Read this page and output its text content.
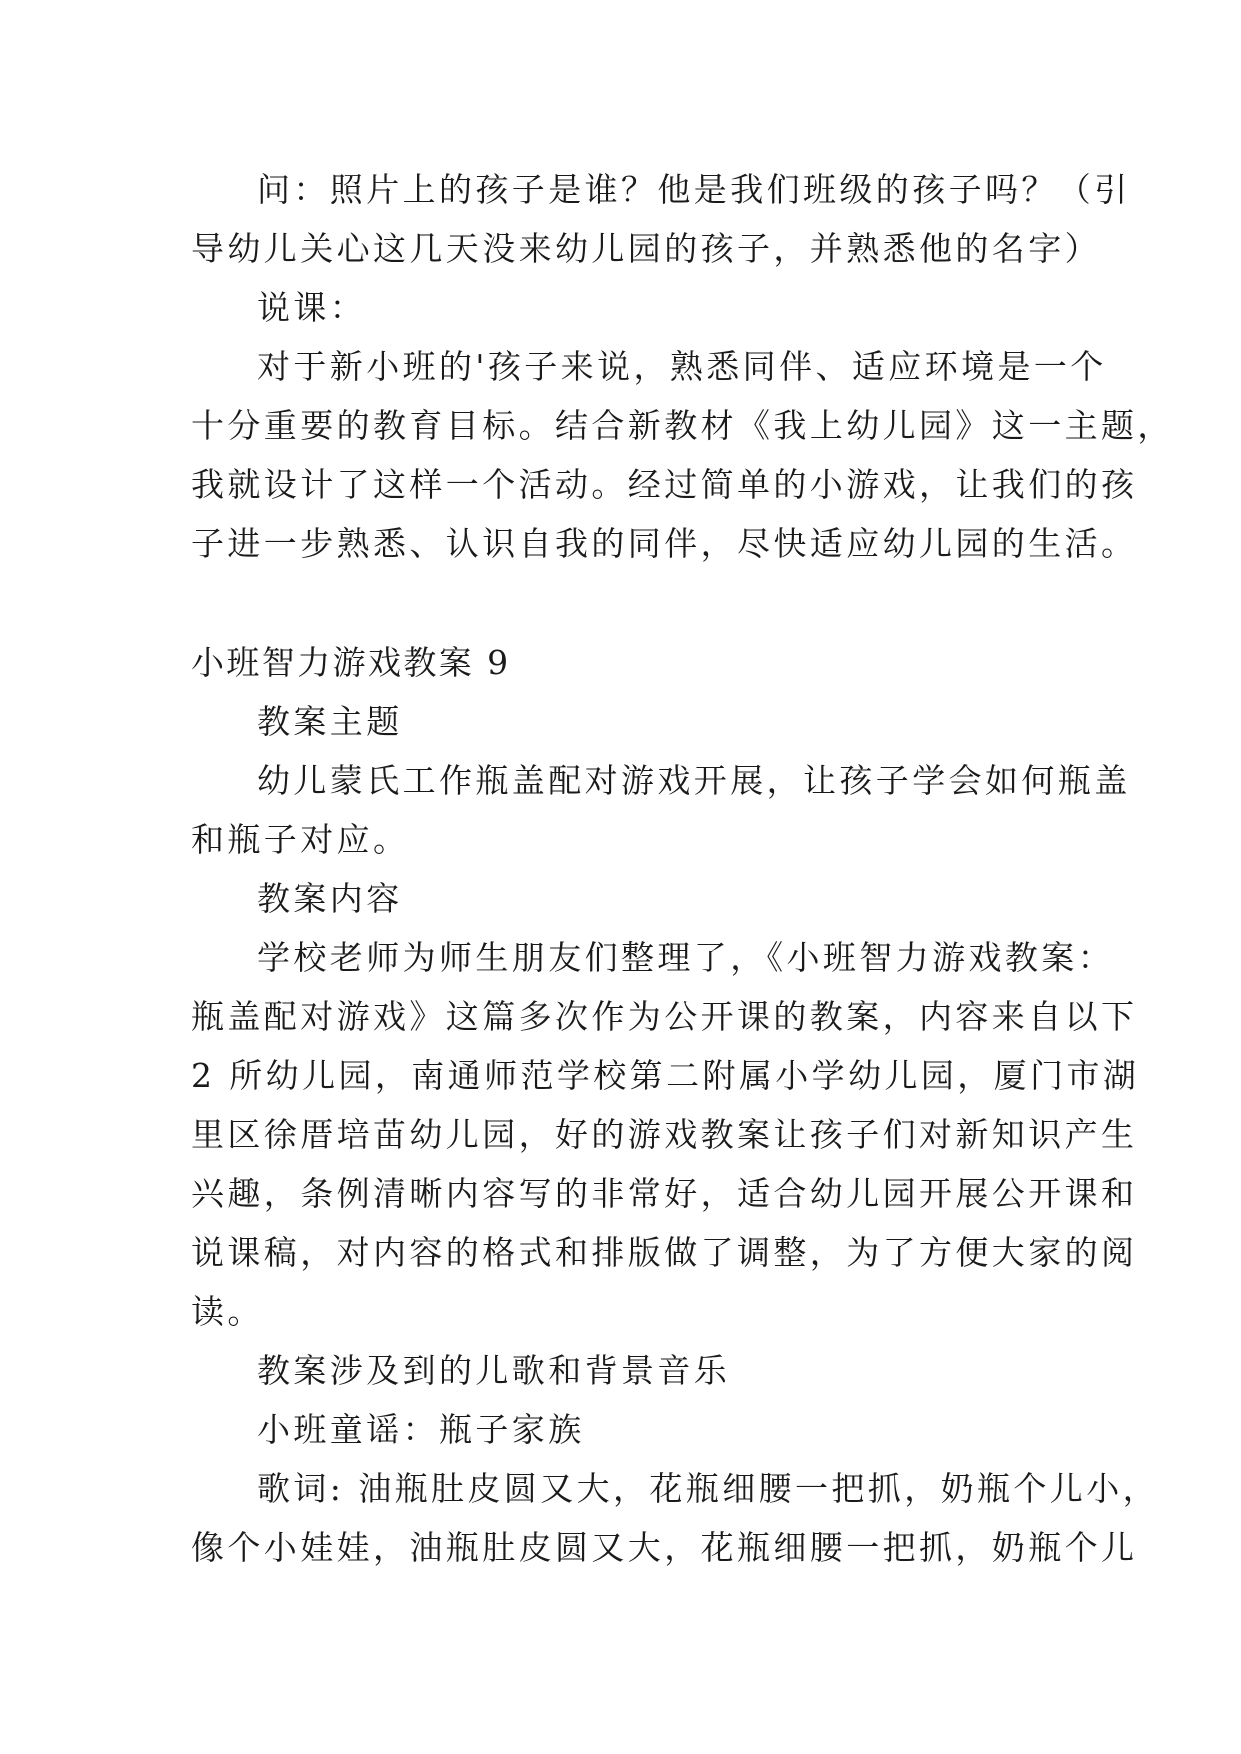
问：照片上的孩子是谁？他是我们班级的孩子吗？（引
导幼儿关心这几天没来幼儿园的孩子，并熟悉他的名字）
说课：
对于新小班的'孩子来说，熟悉同伴、适应环境是一个
十分重要的教育目标。结合新教材《我上幼儿园》这一主题，
我就设计了这样一个活动。经过简单的小游戏，让我们的孩
子进一步熟悉、认识自我的同伴，尽快适应幼儿园的生活。
小班智力游戏教案 9
教案主题
幼儿蒙氏工作瓶盖配对游戏开展，让孩子学会如何瓶盖
和瓶子对应。
教案内容
学校老师为师生朋友们整理了，《小班智力游戏教案：
瓶盖配对游戏》这篇多次作为公开课的教案，内容来自以下
2 所幼儿园，南通师范学校第二附属小学幼儿园，厦门市湖
里区徐厝培苗幼儿园，好的游戏教案让孩子们对新知识产生
兴趣，条例清晰内容写的非常好，适合幼儿园开展公开课和
说课稿，对内容的格式和排版做了调整，为了方便大家的阅
读。
教案涉及到的儿歌和背景音乐
小班童谣：瓶子家族
歌词: 油瓶肚皮圆又大，花瓶细腰一把抓，奶瓶个儿小，
像个小娃娃，油瓶肚皮圆又大，花瓶细腰一把抓，奶瓶个儿
